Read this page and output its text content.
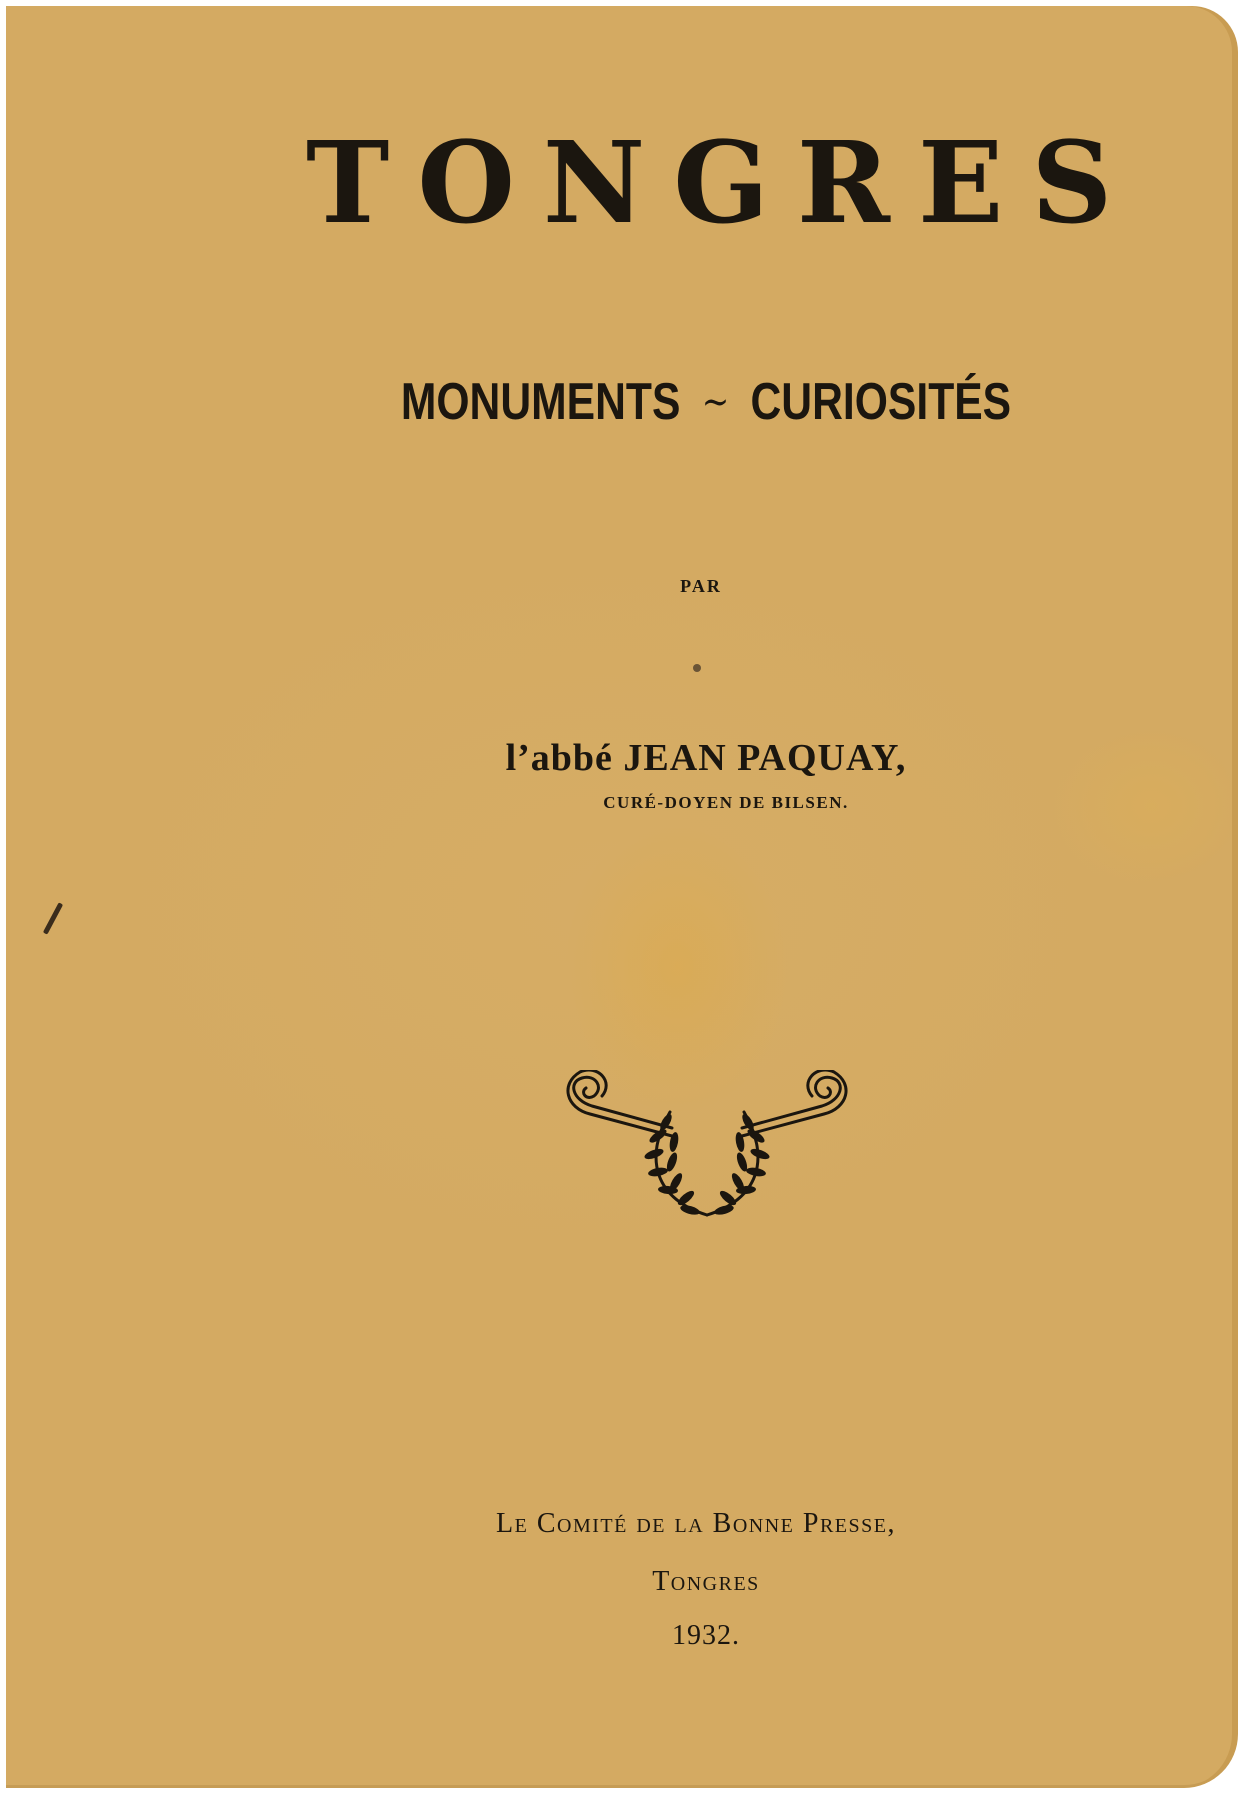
TONGRES
MONUMENTS ~ CURIOSITÉS
PAR
l’abbé JEAN PAQUAY,
CURÉ-DOYEN DE BILSEN.
Le Comité de la Bonne Presse,
Tongres
1932.
